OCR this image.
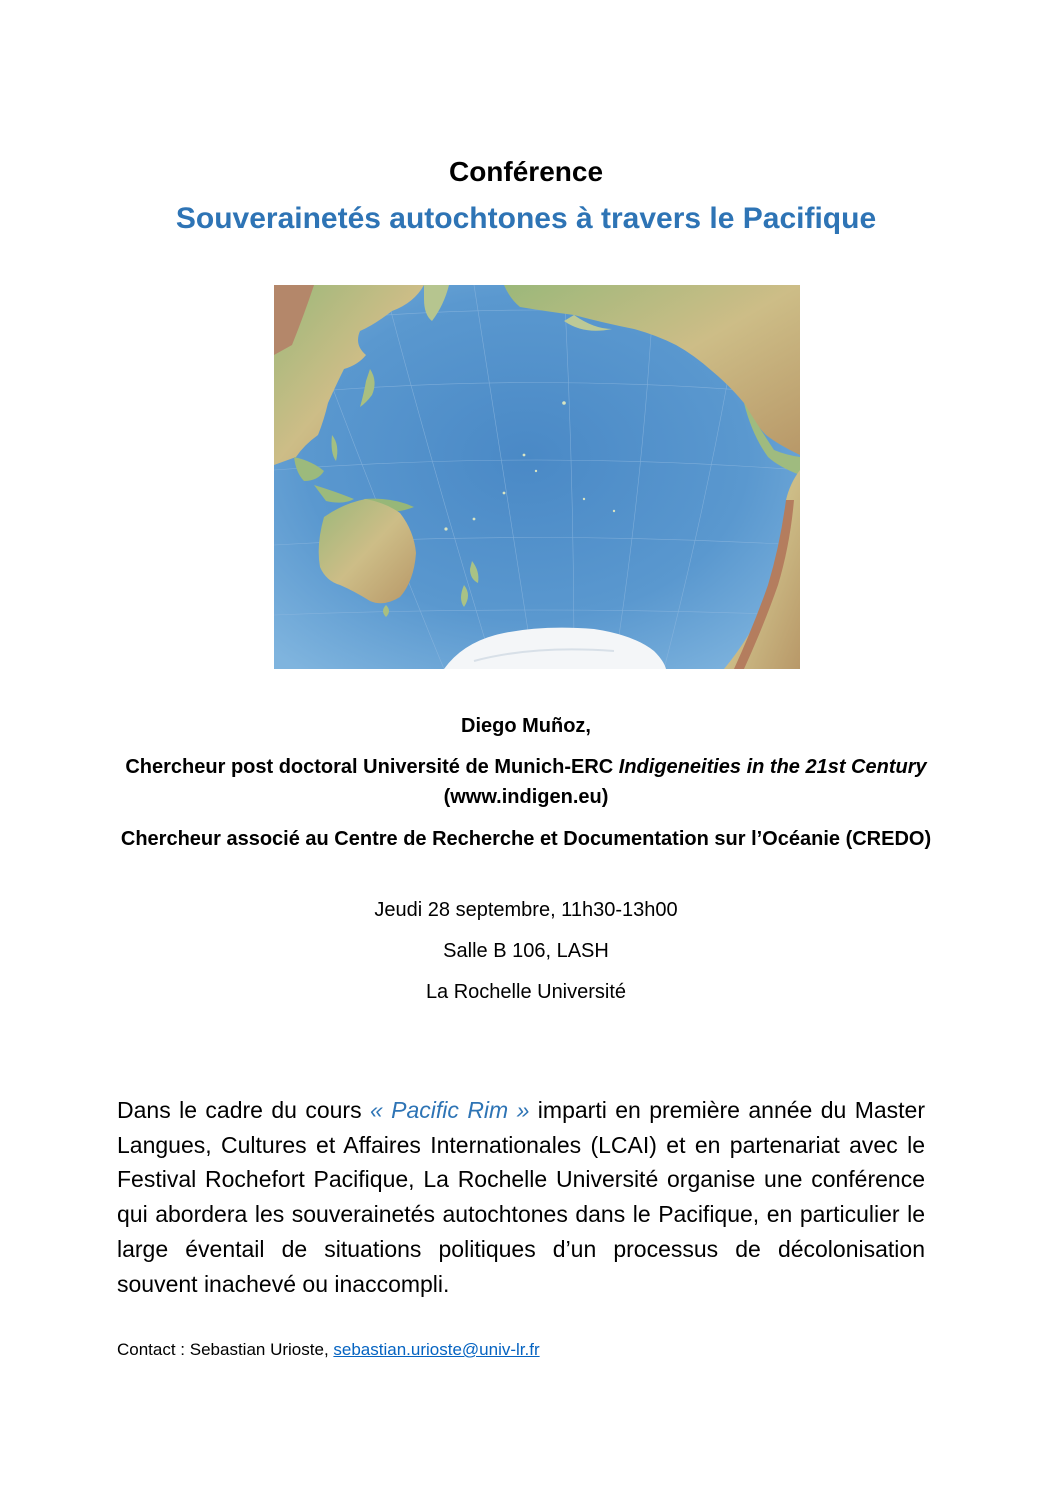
Conférence
Souverainetés autochtones à travers le Pacifique
Diego Muñoz,
Chercheur post doctoral Université de Munich-ERC Indigeneities in the 21st Century (www.indigen.eu)
Chercheur associé au Centre de Recherche et Documentation sur l’Océanie (CREDO)
Jeudi 28 septembre, 11h30-13h00
Salle B 106, LASH
La Rochelle Université

Dans le cadre du cours « Pacific Rim » imparti en première année du Master Langues, Cultures et Affaires Internationales (LCAI) et en partenariat avec le Festival Rochefort Pacifique, La Rochelle Université organise une conférence qui abordera les souverainetés autochtones dans le Pacifique, en particulier le large éventail de situations politiques d’un processus de décolonisation souvent inachevé ou inaccompli.

Contact : Sebastian Urioste, sebastian.urioste@univ-lr.fr
